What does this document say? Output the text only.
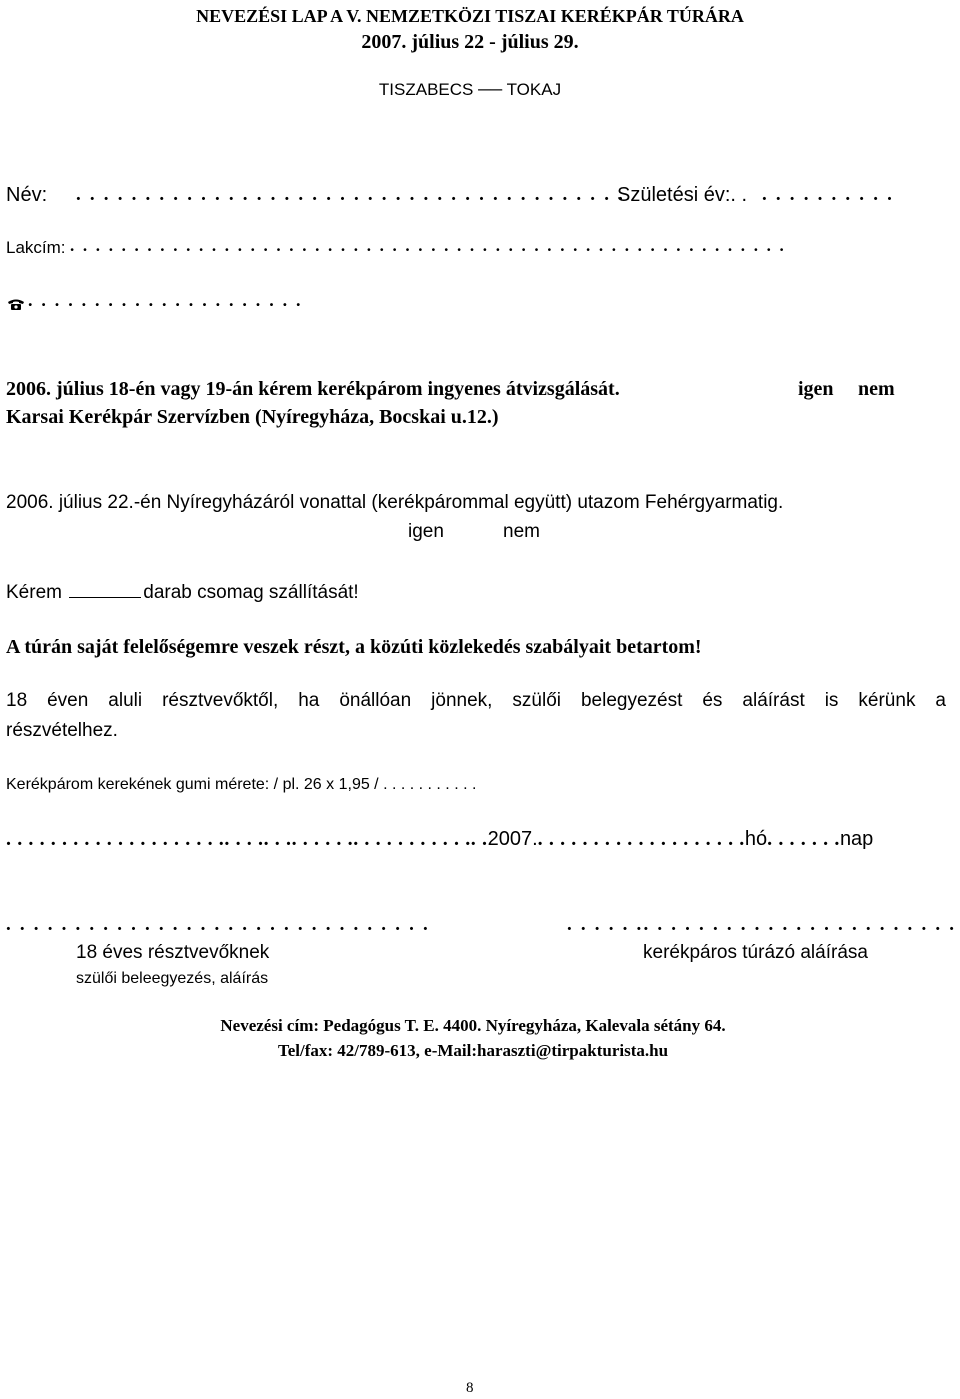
NEVEZÉSI LAP A V. NEMZETKÖZI TISZAI KERÉKPÁR TÚRÁRA
2007. július 22 - július 29.
TISZABECS ── TOKAJ
Név: . . . . . . . . . . . . . . . . . . . . . . . . . . . . . . . . . . . . . . . .
Születési év:. . . . . . . . . . . .
Lakcím: . . . . . . . . . . . . . . . . . . . . . . . . . . . . . . . . . . . . . . . . . . . . . . . . . . . . . . . .
. . . . . . . . . . . . . . . . . . . . .
2006. július 18-én vagy 19-án kérem kerékpárom ingyenes átvizsgálását.	igen nem
Karsai Kerékpár Szervízben (Nyíregyháza, Bocskai u.12.)
2006. július 22.-én Nyíregyházáról vonattal (kerékpárommal együtt) utazom Fehérgyarmatig.
igen	nem
Kérem	darab csomag szállítását!
A túrán saját felelőségemre veszek részt, a közúti közlekedés szabályait betartom!
18 éven aluli résztvevőktől, ha önállóan jönnek, szülői belegyezést és aláírást is kérünk a
részvételhez.
Kerékpárom kerekének gumi mérete: / pl. 26 x 1,95 / . . . . . . . . . . .
. . . . . . . . . . . . . . . . . . . .. . . .. . .. . . . . .. . . . . . . . . . .. .2007.. . . . . . . . . . . . . . . . . . .hó. . . . . . .nap
. . . . . . . . . . . . . . . . . . . . . . . . . . . . . . .	. . . . . .. . . . . . . . . . . . . . . . . . . . . . .
18 éves résztvevőknek
szülői beleegyezés, aláírás
kerékpáros túrázó aláírása
Nevezési cím: Pedagógus T. E. 4400. Nyíregyháza, Kalevala sétány 64.
Tel/fax: 42/789-613, e-Mail:haraszti@tirpakturista.hu
8
